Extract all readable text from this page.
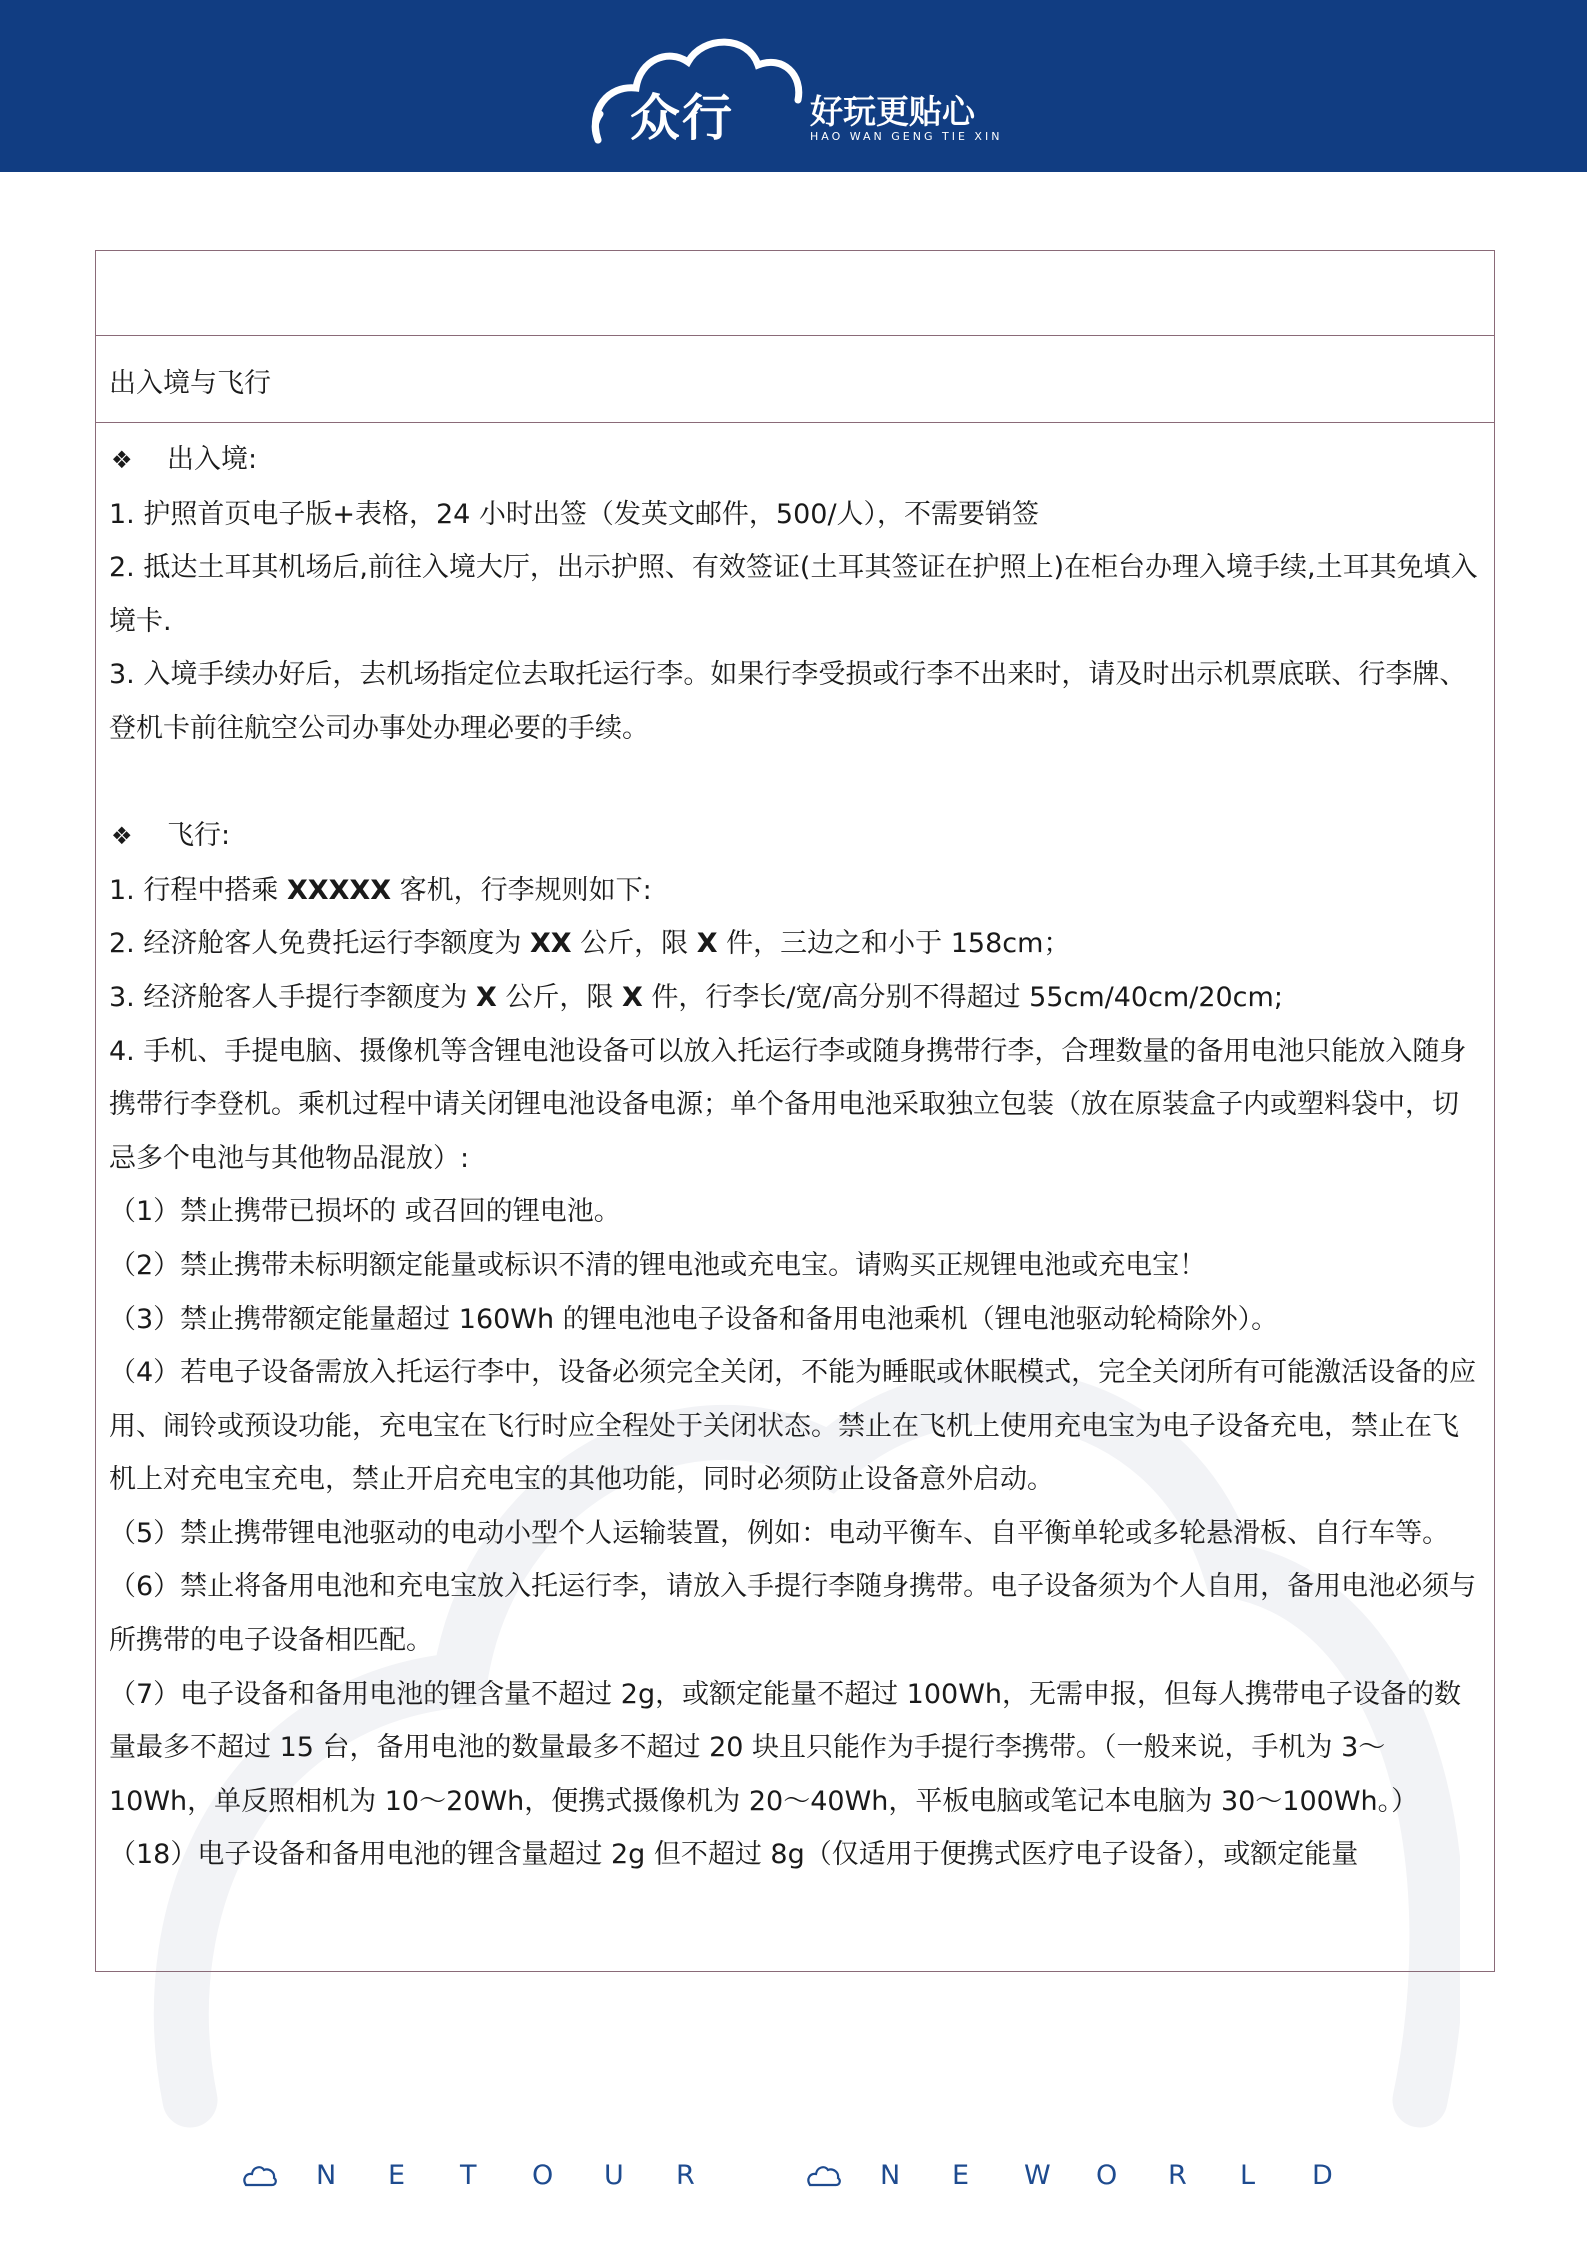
众行 好玩更贴心
HAO WAN GENG TIE XIN
出入境与飞行

❖ 出入境:

1. 护照首页电子版+表格，24 小时出签（发英文邮件，500/人），不需要销签

2. 抵达土耳其机场后,前往入境大厅，出示护照、有效签证(土耳其签证在护照上)在柜台办理入境手续,土耳其免填入境卡.

3. 入境手续办好后，去机场指定位去取托运行李。如果行李受损或行李不出来时，请及时出示机票底联、行李牌、登机卡前往航空公司办事处办理必要的手续。

❖ 飞行:

1. 行程中搭乘 XXXXX 客机，行李规则如下:

2. 经济舱客人免费托运行李额度为 XX 公斤，限 X 件，三边之和小于 158cm；

3. 经济舱客人手提行李额度为 X 公斤，限 X 件，行李长/宽/高分别不得超过 55cm/40cm/20cm;

4. 手机、手提电脑、摄像机等含锂电池设备可以放入托运行李或随身携带行李，合理数量的备用电池只能放入随身携带行李登机。乘机过程中请关闭锂电池设备电源；单个备用电池采取独立包装（放在原装盒子内或塑料袋中，切忌多个电池与其他物品混放）:

（1）禁止携带已损坏的 或召回的锂电池。

（2）禁止携带未标明额定能量或标识不清的锂电池或充电宝。请购买正规锂电池或充电宝！

（3）禁止携带额定能量超过 160Wh 的锂电池电子设备和备用电池乘机（锂电池驱动轮椅除外）。

（4）若电子设备需放入托运行李中，设备必须完全关闭，不能为睡眠或休眠模式，完全关闭所有可能激活设备的应用、闹铃或预设功能，充电宝在飞行时应全程处于关闭状态。禁止在飞机上使用充电宝为电子设备充电，禁止在飞机上对充电宝充电，禁止开启充电宝的其他功能，同时必须防止设备意外启动。

（5）禁止携带锂电池驱动的电动小型个人运输装置，例如：电动平衡车、自平衡单轮或多轮悬滑板、自行车等。

（6）禁止将备用电池和充电宝放入托运行李，请放入手提行李随身携带。电子设备须为个人自用，备用电池必须与所携带的电子设备相匹配。

（7）电子设备和备用电池的锂含量不超过 2g，或额定能量不超过 100Wh，无需申报，但每人携带电子设备的数量最多不超过 15 台，备用电池的数量最多不超过 20 块且只能作为手提行李携带。（一般来说，手机为 3～10Wh，单反照相机为 10～20Wh，便携式摄像机为 20～40Wh，平板电脑或笔记本电脑为 30～100Wh。）

（18）电子设备和备用电池的锂含量超过 2g 但不超过 8g（仅适用于便携式医疗电子设备），或额定能量

N	E	T	O	U	R	N	E	W	O	R	L	D
